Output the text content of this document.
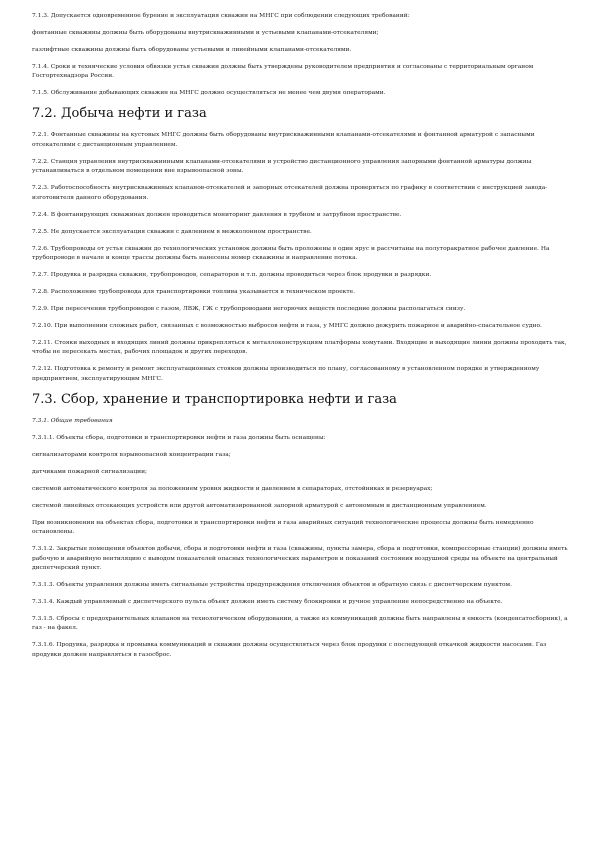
7.1.3. Допускается одновременное бурение и эксплуатация скважин на МНГС при соблюдении следующих требований:

фонтанные скважины должны быть оборудованы внутрискважинными и устьевыми клапанами-отсекателями;

газлифтные скважины должны быть оборудованы устьевыми и линейными клапанами-отсекателями.

7.1.4. Сроки и технические условия обвязки устья скважин должны быть утверждены руководителем предприятия и согласованы с территориальным органом Госгортехнадзора России.

7.1.5. Обслуживание добывающих скважин на МНГС должно осуществляться не менее чем двумя операторами.

7.2. Добыча нефти и газа

7.2.1. Фонтанные скважины на кустовых МНГС должны быть оборудованы внутрискважинными клапанами-отсекателями и фонтанной арматурой с запасными отсекателями с дистанционным управлением.

7.2.2. Станция управления внутрискважинными клапанами-отсекателями и устройство дистанционного управления запорными фонтанной арматуры должны устанавливаться в отдельном помещении вне взрывоопасной зоны.

7.2.3. Работоспособность внутрискважинных клапанов-отсекателей и запорных отсекателей должна проверяться по графику в соответствии с инструкцией завода-изготовителя данного оборудования.

7.2.4. В фонтанирующих скважинах должен проводиться мониторинг давления в трубном и затрубном пространстве.

7.2.5. Не допускается эксплуатация скважин с давлением в межколонном пространстве.

7.2.6. Трубопроводы от устья скважин до технологических установок должны быть проложены в один ярус и рассчитаны на полуторакратное рабочее давление. На трубопроводе в начале и конце трассы должны быть нанесены номер скважины и направление потока.

7.2.7. Продувка и разрядка скважин, трубопроводов, сепараторов и т.п. должны проводиться через блок продувки и разрядки.

7.2.8. Расположение трубопровода для транспортировки топлива указывается в техническом проекте.

7.2.9. При пересечении трубопроводов с газом, ЛВЖ, ГЖ с трубопроводами негорючих веществ последние должны располагаться снизу.

7.2.10. При выполнении сложных работ, связанных с возможностью выбросов нефти и газа, у МНГС должно дежурить пожарное и аварийно-спасательное судно.

7.2.11. Стояки выходных и входящих линий должны прикрепляться к металлоконструкциям платформы хомутами. Входящие и выходящие линии должны проходить так, чтобы не пересекать местах, рабочих площадок и других переходов.

7.2.12. Подготовка к ремонту и ремонт эксплуатационных стояков должны производиться по плану, согласованному в установленном порядке и утвержденному предприятием, эксплуатирующим МНГС.

7.3. Сбор, хранение и транспортировка нефти и газа

7.3.1. Общие требования

7.3.1.1. Объекты сбора, подготовки и транспортировки нефти и газа должны быть оснащены:

сигнализаторами контроля взрывоопасной концентрации газа;

датчиками пожарной сигнализации;

системой автоматического контроля за положением уровня жидкости и давлением в сепараторах, отстойниках и резервуарах;

системой линейных отсекающих устройств или другой автоматизированной запорной арматурой с автономным и дистанционным управлением.

При возникновении на объектах сбора, подготовки и транспортировки нефти и газа аварийных ситуаций технологические процессы должны быть немедленно остановлены.

7.3.1.2. Закрытые помещения объектов добычи, сбора и подготовки нефти и газа (скважины, пункты замера, сбора и подготовки, компрессорные станции) должны иметь рабочую и аварийную вентиляцию с выводом показателей опасных технологических параметров и показаний состояния воздушной среды на объекте на центральный диспетчерский пункт.

7.3.1.3. Объекты управления должны иметь сигнальные устройства предупреждения отключения объектов и обратную связь с диспетчерским пунктом.

7.3.1.4. Каждый управляемый с диспетчерского пульта объект должен иметь систему блокировки и ручное управление непосредственно на объекте.

7.3.1.5. Сбросы с предохранительных клапанов на технологическом оборудовании, а также из коммуникаций должны быть направлены в емкость (конденсатосборник), а газ - на факел.

7.3.1.6. Продувка, разрядка и промывка коммуникаций и скважин должны осуществляться через блок продувки с последующей откачкой жидкости насосами. Газ продувки должен направляться в газосброс.
